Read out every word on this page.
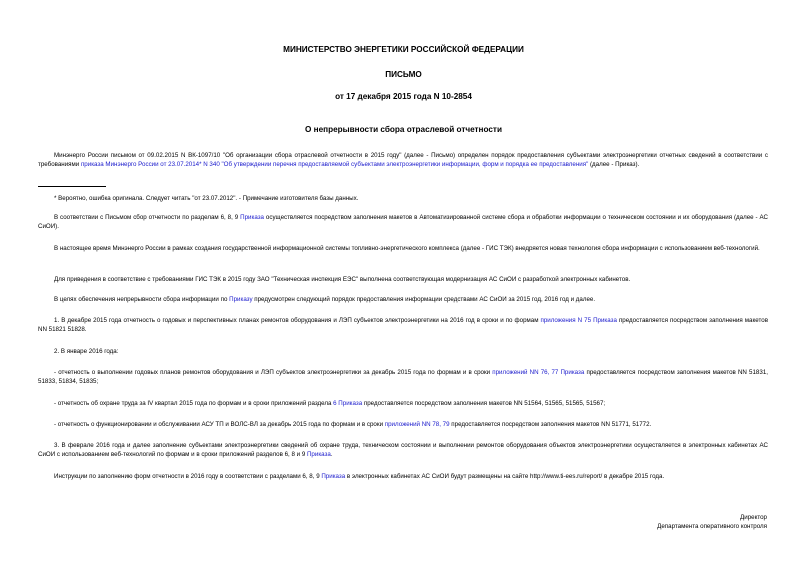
МИНИСТЕРСТВО ЭНЕРГЕТИКИ РОССИЙСКОЙ ФЕДЕРАЦИИ
ПИСЬМО
от 17 декабря 2015 года N 10-2854
О непрерывности сбора отраслевой отчетности
Минэнерго России письмом от 09.02.2015 N ВК-1097/10 "Об организации сбора отраслевой отчетности в 2015 году" (далее - Письмо) определен порядок предоставления субъектами электроэнергетики отчетных сведений в соответствии с требованиями приказа Минэнерго России от 23.07.2014* N 340 "Об утверждении перечня предоставляемой субъектами электроэнергетики информации, форм и порядка ее предоставления" (далее - Приказ).
* Вероятно, ошибка оригинала. Следует читать "от 23.07.2012". - Примечание изготовителя базы данных.
В соответствии с Письмом сбор отчетности по разделам 6, 8, 9 Приказа осуществляется посредством заполнения макетов в Автоматизированной системе сбора и обработки информации о техническом состоянии и их оборудования (далее - АС СиОИ).
В настоящее время Минэнерго России в рамках создания государственной информационной системы топливно-энергетического комплекса (далее - ГИС ТЭК) внедряется новая технология сбора информации с использованием веб-технологий.
Для приведения в соответствие с требованиями ГИС ТЭК в 2015 году ЗАО "Техническая инспекция ЕЭС" выполнена соответствующая модернизация АС СиОИ с разработкой электронных кабинетов.
В целях обеспечения непрерывности сбора информации по Приказу предусмотрен следующий порядок предоставления информации средствами АС СиОИ за 2015 год, 2016 год и далее.
1. В декабре 2015 года отчетность о годовых и перспективных планах ремонтов оборудования и ЛЭП субъектов электроэнергетики на 2016 год в сроки и по формам приложения N 75 Приказа предоставляется посредством заполнения макетов NN 51821 51828.
2. В январе 2016 года:
- отчетность о выполнении годовых планов ремонтов оборудования и ЛЭП субъектов электроэнергетики за декабрь 2015 года по формам и в сроки приложений NN 76, 77 Приказа предоставляется посредством заполнения макетов NN 51831, 51833, 51834, 51835;
- отчетность об охране труда за IV квартал 2015 года по формам и в сроки приложений раздела 6 Приказа предоставляется посредством заполнения макетов NN 51564, 51565, 51565, 51567;
- отчетность о функционировании и обслуживании АСУ ТП и ВОЛС-ВЛ за декабрь 2015 года по формам и в сроки приложений NN 78, 79 предоставляется посредством заполнения макетов NN 51771, 51772.
3. В феврале 2016 года и далее заполнение субъектами электроэнергетики сведений об охране труда, техническом состоянии и выполнении ремонтов оборудования объектов электроэнергетики осуществляется в электронных кабинетах АС СиОИ с использованием веб-технологий по формам и в сроки приложений разделов 6, 8 и 9 Приказа.
Инструкции по заполнению форм отчетности в 2016 году в соответствии с разделами 6, 8, 9 Приказа в электронных кабинетах АС СиОИ будут размещены на сайте http://www.ti-ees.ru/report/ в декабре 2015 года.
Директор
Департамента оперативного контроля
